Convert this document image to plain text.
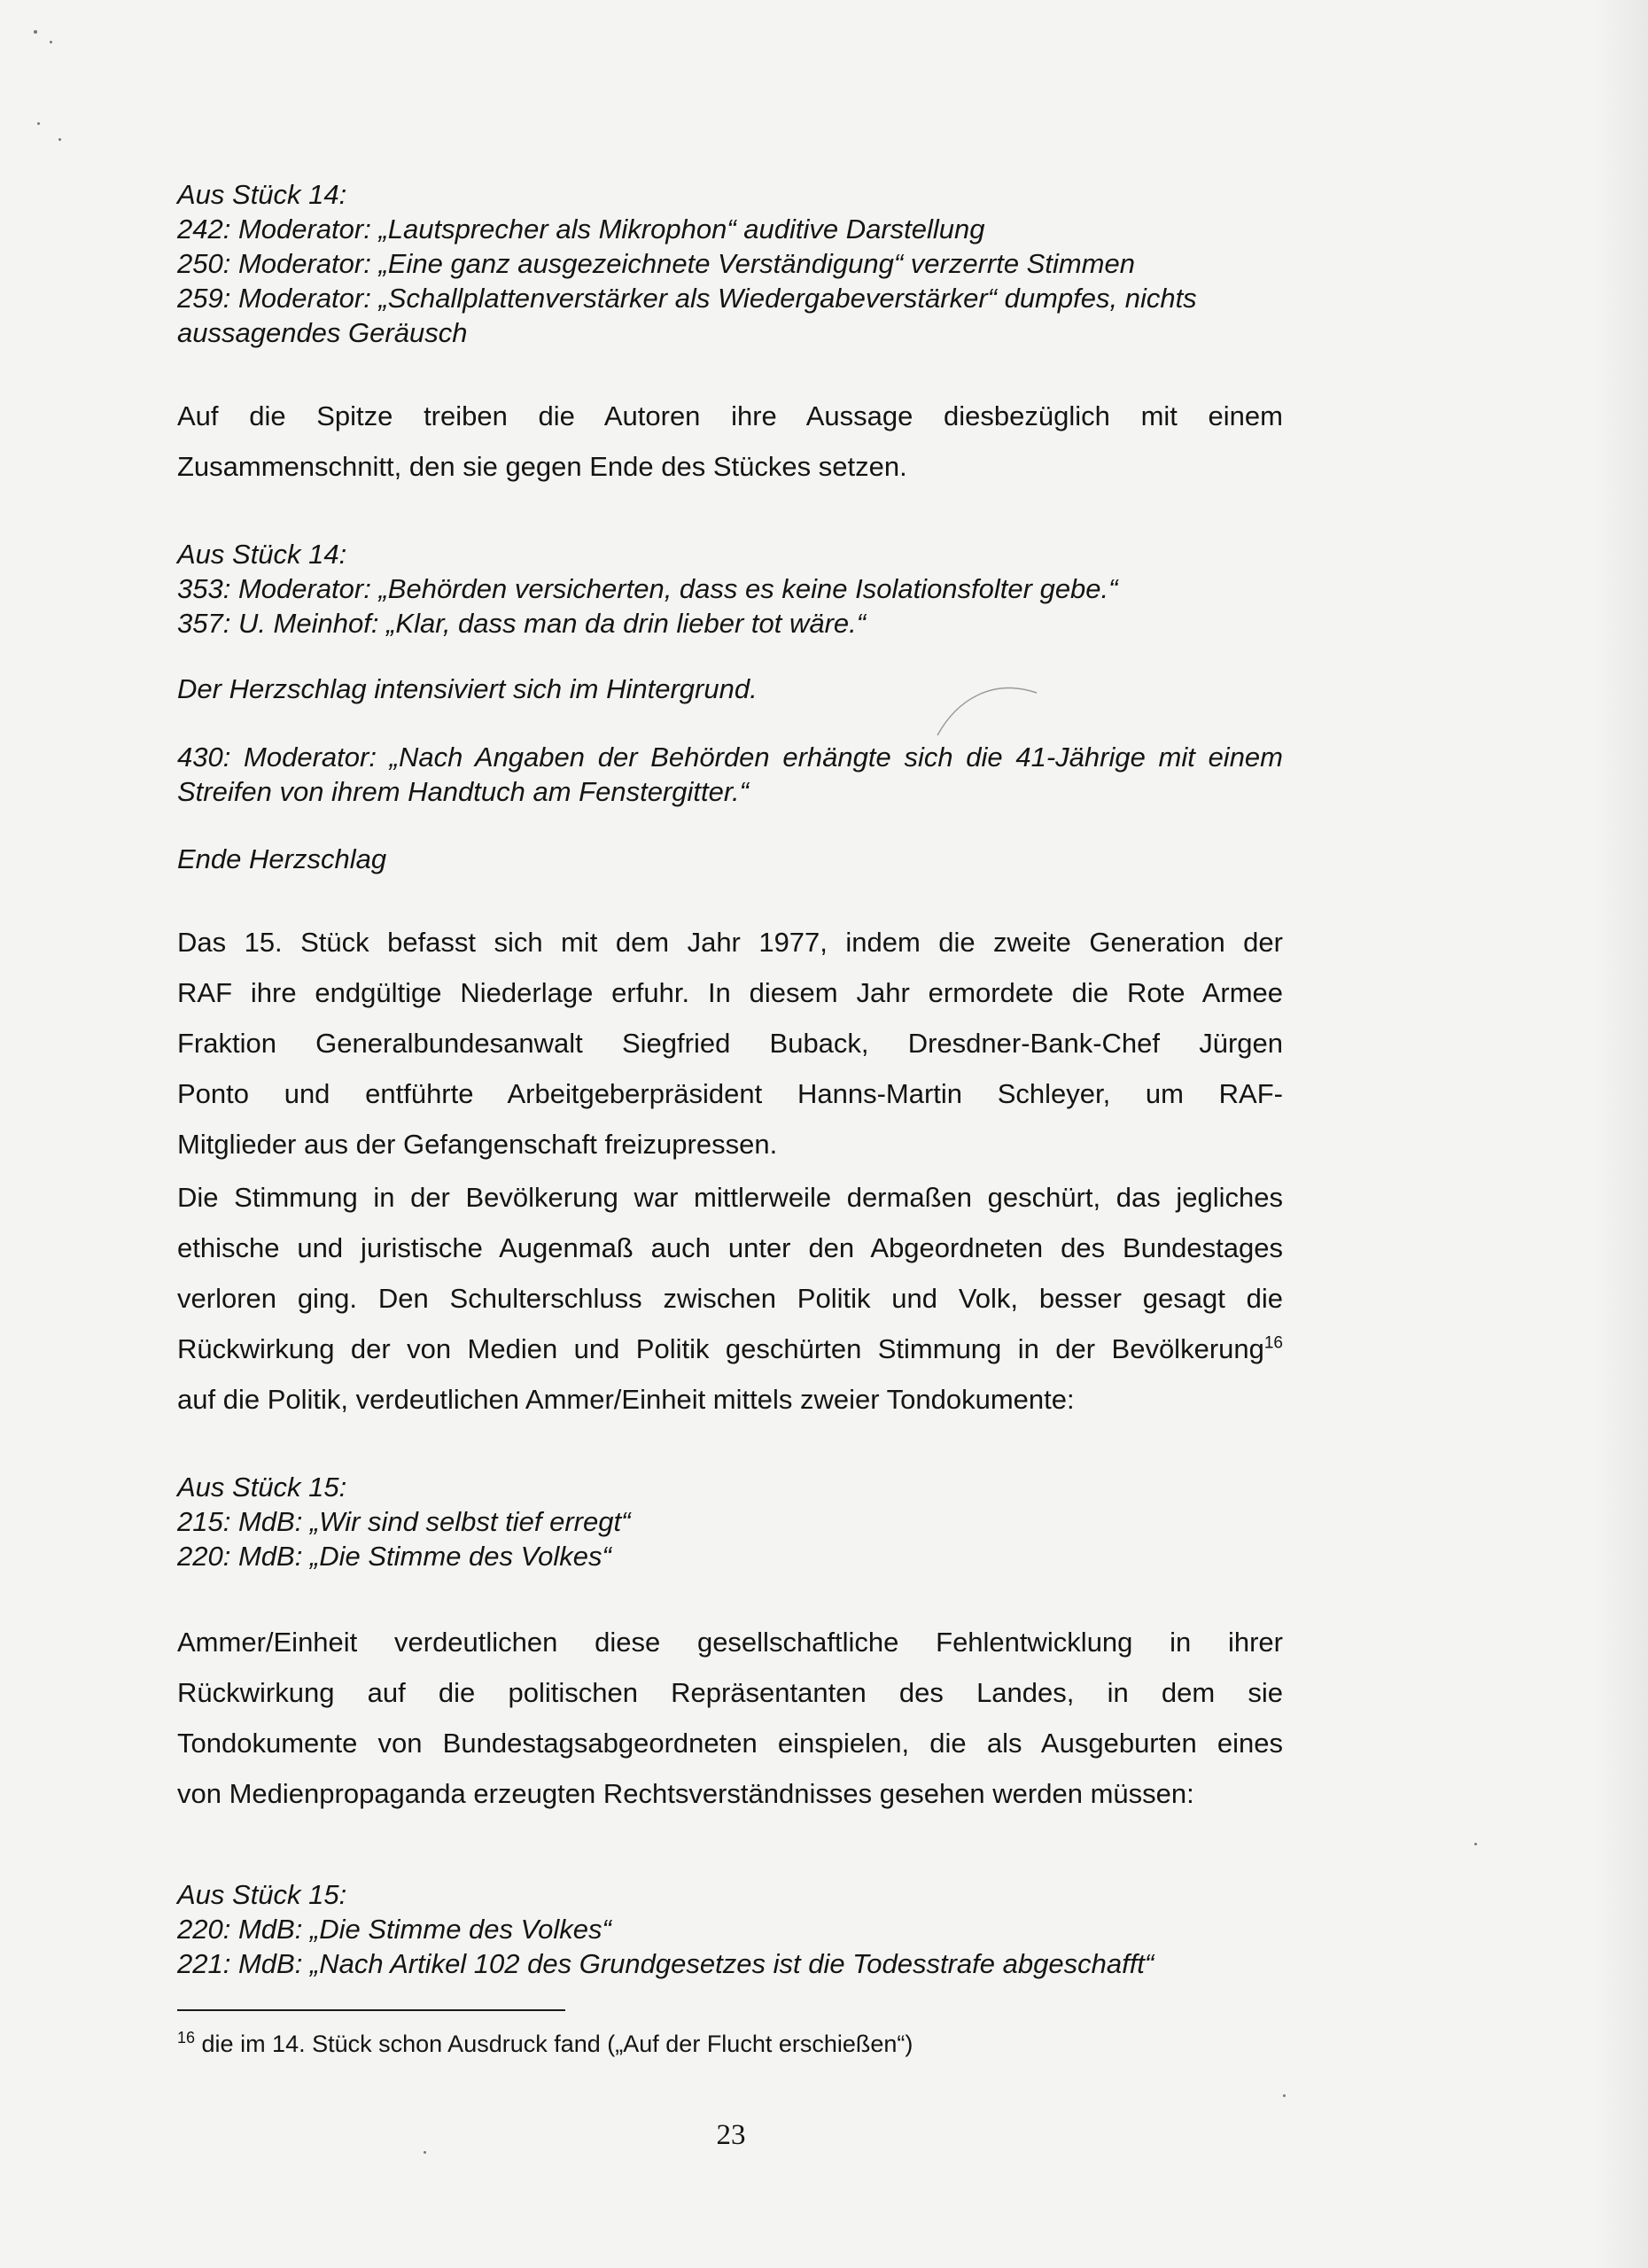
Aus Stück 14:
242: Moderator: „Lautsprecher als Mikrophon“ auditive Darstellung
250: Moderator: „Eine ganz ausgezeichnete Verständigung“ verzerrte Stimmen
259: Moderator: „Schallplattenverstärker als Wiedergabeverstärker“ dumpfes, nichts aussagendes Geräusch

Auf die Spitze treiben die Autoren ihre Aussage diesbezüglich mit einem

Zusammenschnitt, den sie gegen Ende des Stückes setzen.

Aus Stück 14:
353: Moderator: „Behörden versicherten, dass es keine Isolationsfolter gebe.“
357: U. Meinhof: „Klar, dass man da drin lieber tot wäre.“
Der Herzschlag intensiviert sich im Hintergrund.
430: Moderator: „Nach Angaben der Behörden erhängte sich die 41-Jährige mit einem Streifen von ihrem Handtuch am Fenstergitter.“
Ende Herzschlag

Das 15. Stück befasst sich mit dem Jahr 1977, indem die zweite Generation der

RAF ihre endgültige Niederlage erfuhr. In diesem Jahr ermordete die Rote Armee

Fraktion Generalbundesanwalt Siegfried Buback, Dresdner-Bank-Chef Jürgen

Ponto und entführte Arbeitgeberpräsident Hanns-Martin Schleyer, um RAF-

Mitglieder aus der Gefangenschaft freizupressen.

Die Stimmung in der Bevölkerung war mittlerweile dermaßen geschürt, das jegliches

ethische und juristische Augenmaß auch unter den Abgeordneten des Bundestages

verloren ging. Den Schulterschluss zwischen Politik und Volk, besser gesagt die

Rückwirkung der von Medien und Politik geschürten Stimmung in der Bevölkerung$^{16}$

auf die Politik, verdeutlichen Ammer/Einheit mittels zweier Tondokumente:

Aus Stück 15:
215: MdB: „Wir sind selbst tief erregt“
220: MdB: „Die Stimme des Volkes“

Ammer/Einheit verdeutlichen diese gesellschaftliche Fehlentwicklung in ihrer

Rückwirkung auf die politischen Repräsentanten des Landes, in dem sie

Tondokumente von Bundestagsabgeordneten einspielen, die als Ausgeburten eines

von Medienpropaganda erzeugten Rechtsverständnisses gesehen werden müssen:

Aus Stück 15:
220: MdB: „Die Stimme des Volkes“
221: MdB: „Nach Artikel 102 des Grundgesetzes ist die Todesstrafe abgeschafft“
$^{16}$ die im 14. Stück schon Ausdruck fand („Auf der Flucht erschießen“)
23
